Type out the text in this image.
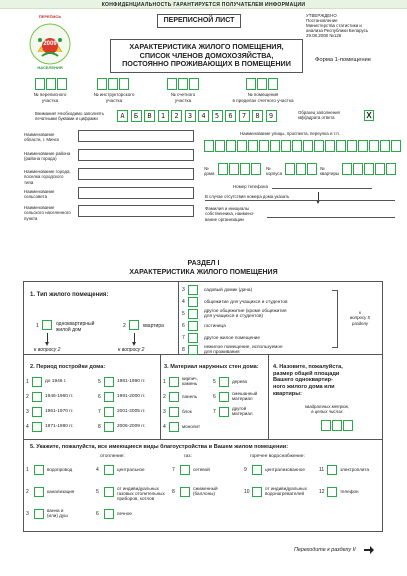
КОНФИДЕНЦИАЛЬНОСТЬ ГАРАНТИРУЕТСЯ ПОЛУЧАТЕЛЕМ ИНФОРМАЦИИ
ПЕРЕПИСЬ
2009
НАСЕЛЕНИЯ
ПЕРЕПИСНОЙ ЛИСТ
УТВЕРЖДЕНО
Постановление
Министерства статистики и
анализа Республики Беларусь
29.08.2008 №126
ХАРАКТЕРИСТИКА ЖИЛОГО ПОМЕЩЕНИЯ,
СПИСОК ЧЛЕНОВ ДОМОХОЗЯЙСТВА,
ПОСТОЯННО ПРОЖИВАЮЩИХ В ПОМЕЩЕНИИ	Форма 1-помещение
№ переписного
участка
№ инструкторского
участка
№ счетного
участка
№ помещения
в пределах счетного участка
Внимание! Необходимо заполнять
печатными буквами и цифрами	А	Б	В	1	2	3	4	5	6	7	8	9	Образец заполнения
кв[к]адрата ответа	X
Наименование
области, г. Минск
Наименование района
(района города)
Наименование города,
поселка городского
типа
Наименование
сельсовета
Наименование
сельского населенного
пункта
Наименование улицы, проспекта, переулка и т.п.
№
дома
№
корпуса
№
квартиры
Номер телефона
В случае отсутствия номера дома указать
Фамилия и инициалы
собственника, наимено-
вание организации
РАЗДЕЛ I
ХАРАКТЕРИСТИКА ЖИЛОГО ПОМЕЩЕНИЯ
1. Тип жилого помещения:
1	одноквартирный
жилой дом
2	квартира
к вопросу 2	к вопросу 2
3	садовый домик (дача)
4	общежитие для учащихся и студентов
5
другое общежитие (кроме общежития
для учащихся и студентов)
6	гостиница
7	другое жилое помещение
8
нежилое помещение, используемое
для проживания
к
вопросу 5
разделу
2. Период постройки дома:
1	до 1946 г.	5	1981-1990 гг.
2	1946-1960 гг.	6	1991-2000 гг.
3	1961-1970 гг.	7	2001-2005 гг.
4	1971-1980 гг.	8	2006-2009 гг.
3. Материал наружных стен дома:
1
кирпич,
камень	5	дерево
2	панель	6
смешанный
материал
3	блок	7
другой
материал
4	монолит
4. Назовите, пожалуйста,
размер общей площади
Вашего одноквартир-
ного жилого дома или
квартиры:
квадратных метров,
в целых числах
5. Укажите, пожалуйста, все имеющиеся виды благоустройства в Вашем жилом помещении:
отопление:	газ:	горячее водоснабжение:
1	водопровод	4	центральное	7	сетевой	9	централизованное	11	электроплита
2	канализация	5
от индивидуальных
газовых отопительных
приборов, котлов
8
сжиженный
(баллоны)	10
от индивидуальных
водонагревателей	12	телефон
3
ванна и
(или) душ	6	печное
Переходите к разделу II
